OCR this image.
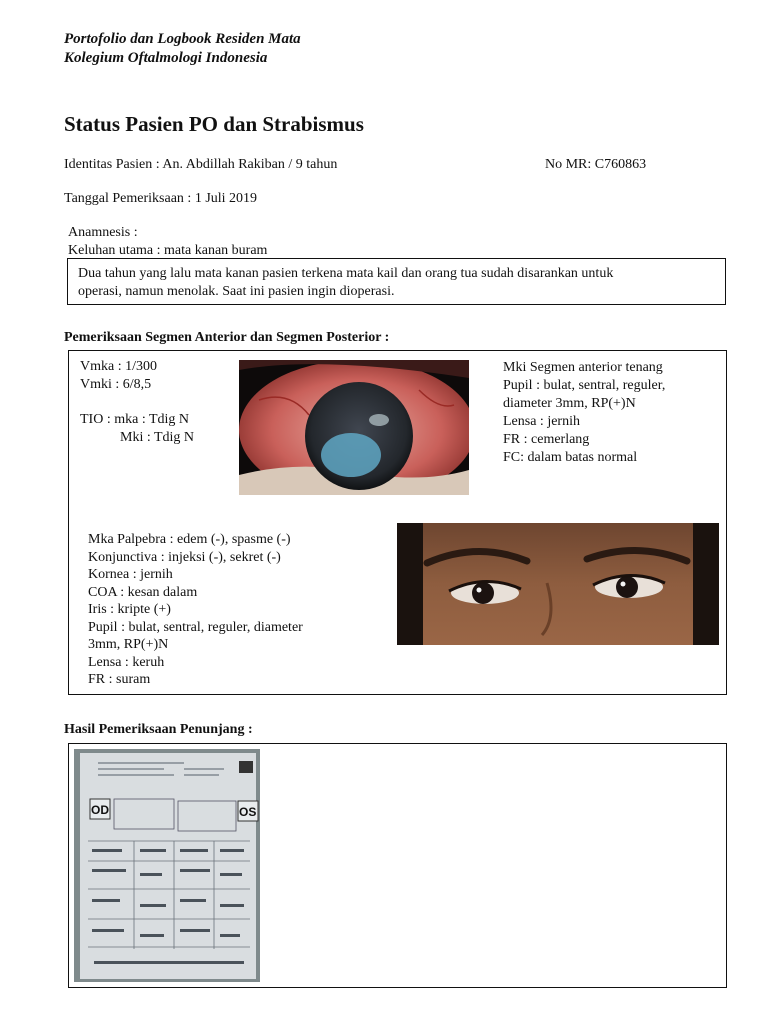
Portofolio dan Logbook Residen Mata
Kolegium Oftalmologi Indonesia
Status Pasien PO dan Strabismus
Identitas Pasien : An. Abdillah Rakiban / 9 tahun	No MR: C760863
Tanggal Pemeriksaan : 1 Juli 2019
Anamnesis :
Keluhan utama : mata kanan buram
Dua tahun yang lalu mata kanan pasien terkena mata kail dan orang tua sudah disarankan untuk
operasi, namun menolak. Saat ini pasien ingin dioperasi.
Pemeriksaan Segmen Anterior dan Segmen Posterior :
Vmka : 1/300
Vmki : 6/8,5
TIO : mka : Tdig N
Mki : Tdig N
Mki Segmen anterior tenang
Pupil : bulat, sentral, reguler,
diameter 3mm, RP(+)N
Lensa : jernih
FR : cemerlang
FC: dalam batas normal
Mka Palpebra : edem (-), spasme (-)
Konjunctiva : injeksi (-), sekret (-)
Kornea : jernih
COA : kesan dalam
Iris : kripte (+)
Pupil : bulat, sentral, reguler, diameter
3mm, RP(+)N
Lensa : keruh
FR : suram
Hasil Pemeriksaan Penunjang :
OD	OS
